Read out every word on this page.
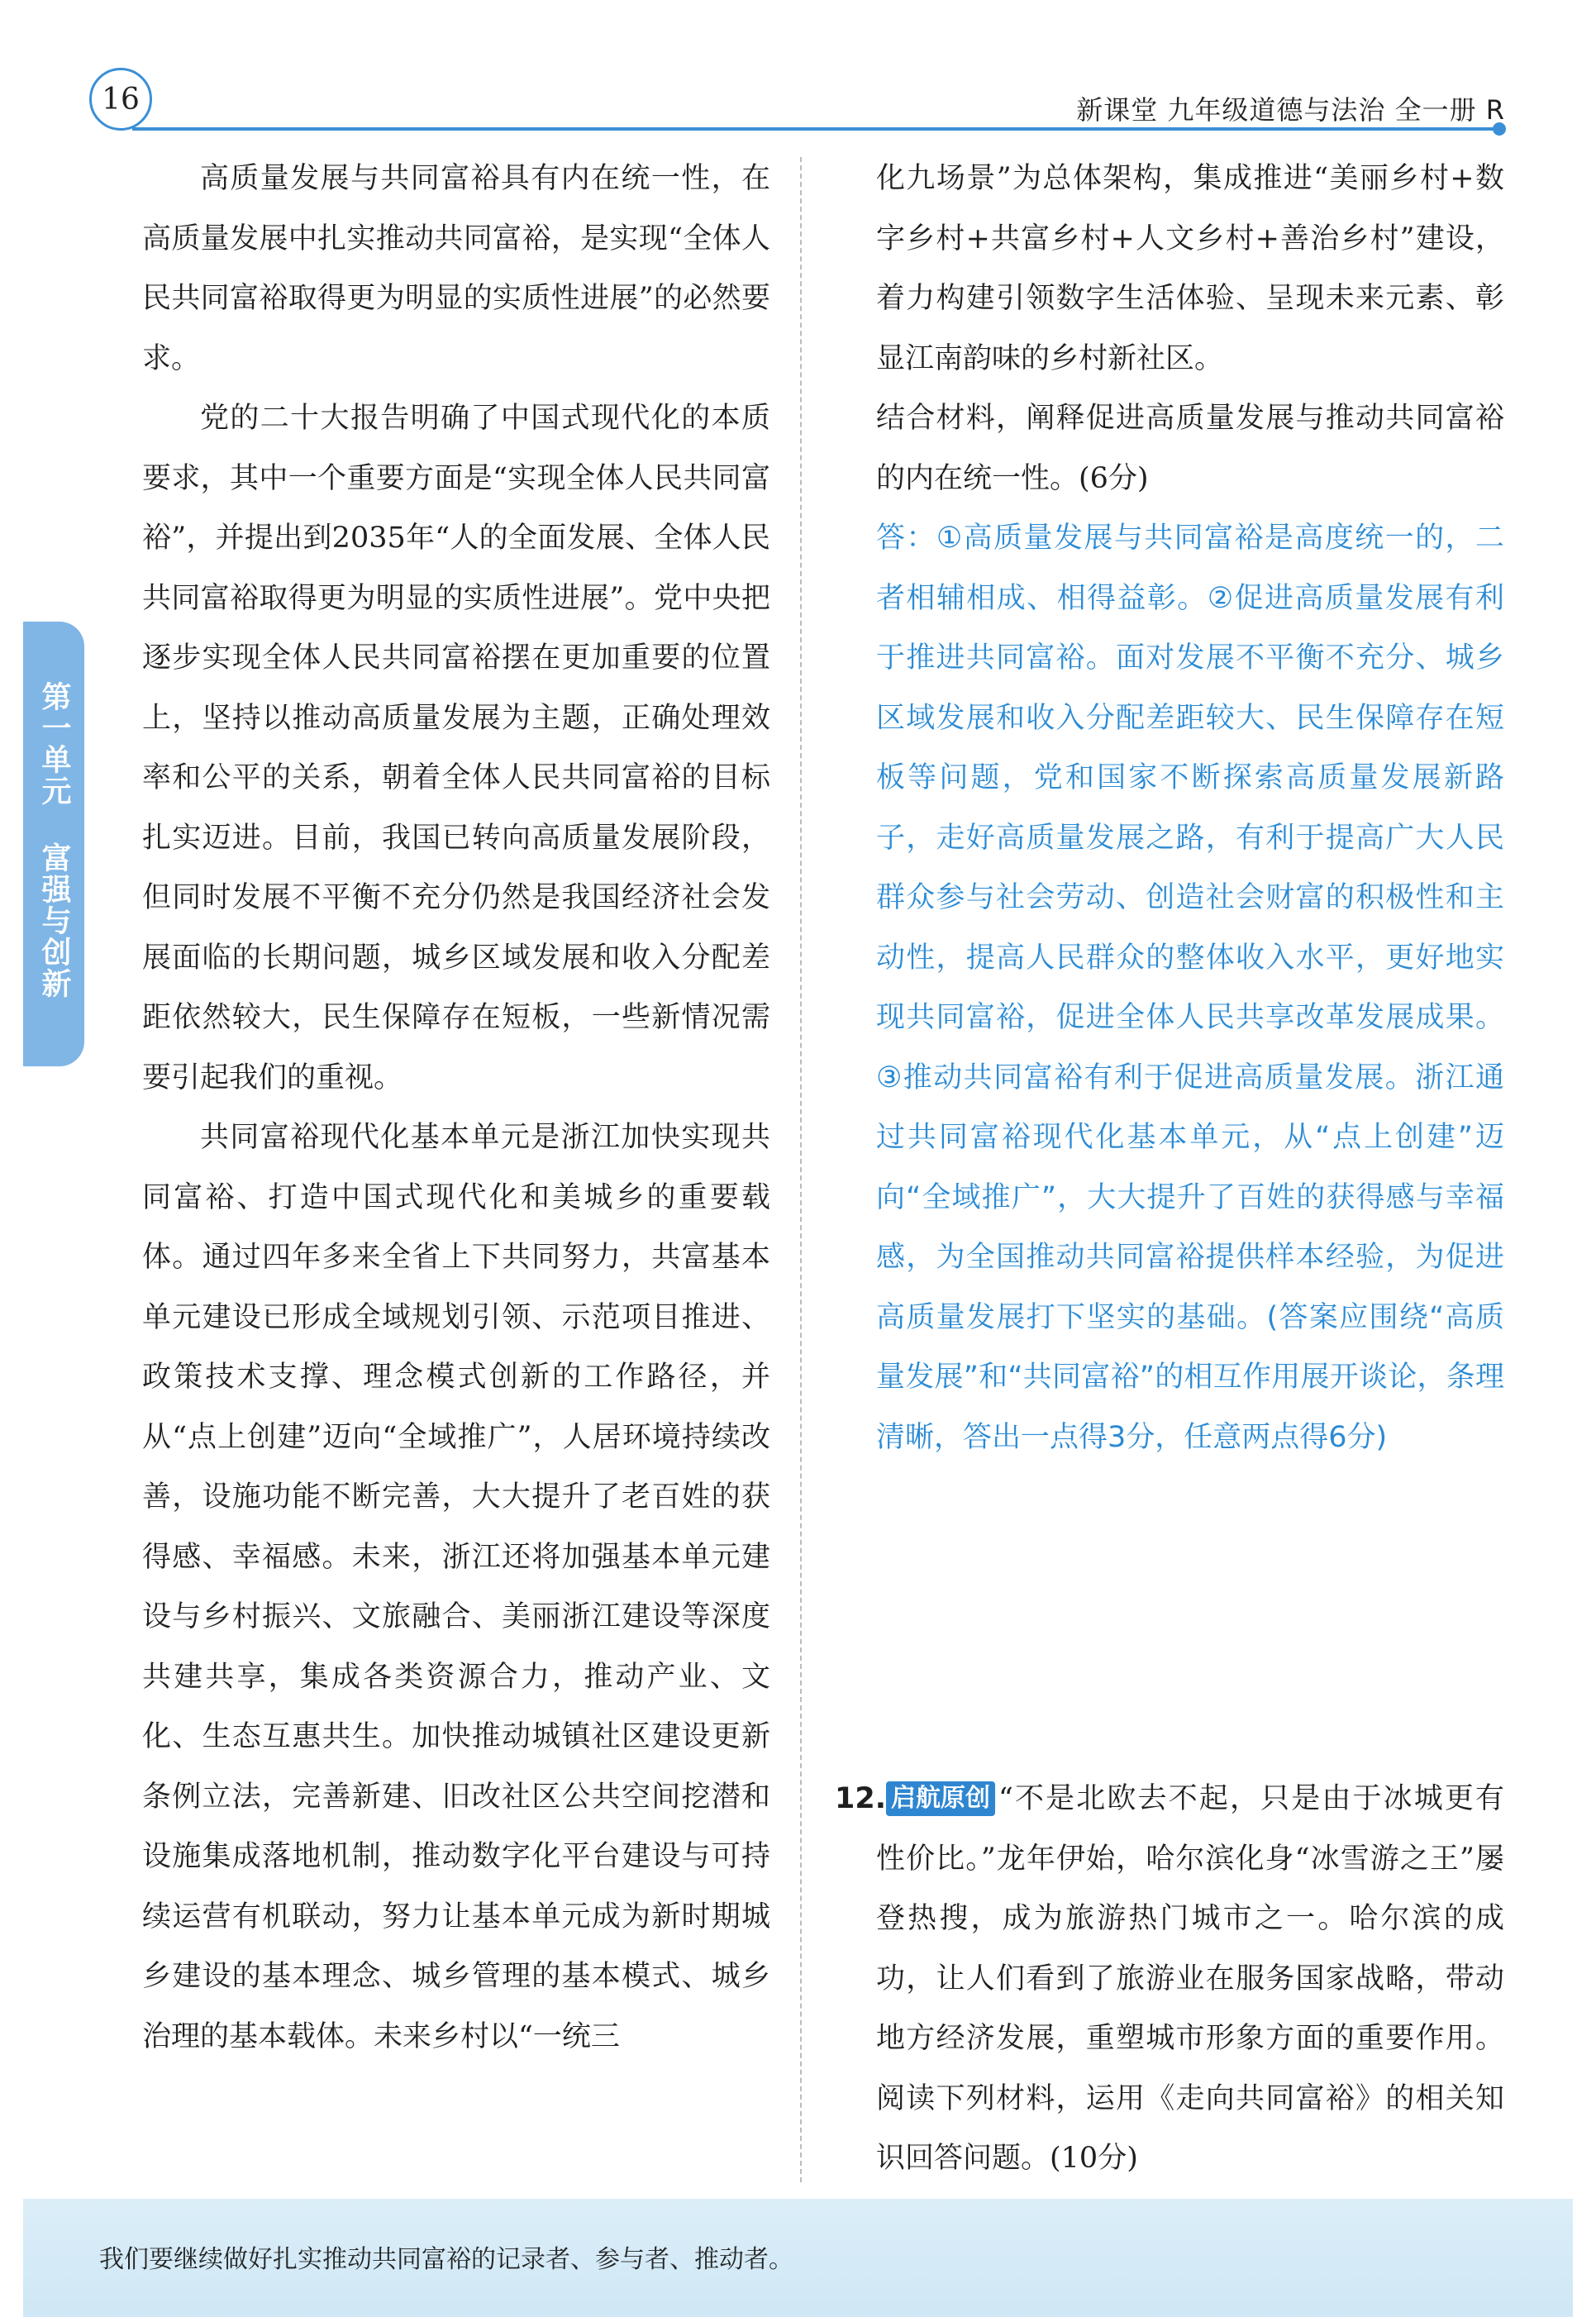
16	新课堂 九年级道德与法治 全一册 R
第一单元 富强与创新

高质量发展与共同富裕具有内在统一性，在高质量发展中扎实推动共同富裕，是实现“全体人民共同富裕取得更为明显的实质性进展”的必然要求。

党的二十大报告明确了中国式现代化的本质要求，其中一个重要方面是“实现全体人民共同富裕”，并提出到2035年“人的全面发展、全体人民共同富裕取得更为明显的实质性进展”。党中央把逐步实现全体人民共同富裕摆在更加重要的位置上，坚持以推动高质量发展为主题，正确处理效率和公平的关系，朝着全体人民共同富裕的目标扎实迈进。目前，我国已转向高质量发展阶段，但同时发展不平衡不充分仍然是我国经济社会发展面临的长期问题，城乡区域发展和收入分配差距依然较大，民生保障存在短板，一些新情况需要引起我们的重视。

共同富裕现代化基本单元是浙江加快实现共同富裕、打造中国式现代化和美城乡的重要载体。通过四年多来全省上下共同努力，共富基本单元建设已形成全域规划引领、示范项目推进、政策技术支撑、理念模式创新的工作路径，并从“点上创建”迈向“全域推广”，人居环境持续改善，设施功能不断完善，大大提升了老百姓的获得感、幸福感。未来，浙江还将加强基本单元建设与乡村振兴、文旅融合、美丽浙江建设等深度共建共享，集成各类资源合力，推动产业、文化、生态互惠共生。加快推动城镇社区建设更新条例立法，完善新建、旧改社区公共空间挖潜和设施集成落地机制，推动数字化平台建设与可持续运营有机联动，努力让基本单元成为新时期城乡建设的基本理念、城乡管理的基本模式、城乡治理的基本载体。未来乡村以“一统三

化九场景”为总体架构，集成推进“美丽乡村+数字乡村+共富乡村+人文乡村+善治乡村”建设，着力构建引领数字生活体验、呈现未来元素、彰显江南韵味的乡村新社区。

结合材料，阐释促进高质量发展与推动共同富裕的内在统一性。(6分)

答：①高质量发展与共同富裕是高度统一的，二者相辅相成、相得益彰。②促进高质量发展有利于推进共同富裕。面对发展不平衡不充分、城乡区域发展和收入分配差距较大、民生保障存在短板等问题，党和国家不断探索高质量发展新路子，走好高质量发展之路，有利于提高广大人民群众参与社会劳动、创造社会财富的积极性和主动性，提高人民群众的整体收入水平，更好地实现共同富裕，促进全体人民共享改革发展成果。③推动共同富裕有利于促进高质量发展。浙江通过共同富裕现代化基本单元，从“点上创建”迈向“全域推广”，大大提升了百姓的获得感与幸福感，为全国推动共同富裕提供样本经验，为促进高质量发展打下坚实的基础。(答案应围绕“高质量发展”和“共同富裕”的相互作用展开谈论，条理清晰，答出一点得3分，任意两点得6分)

12. 启航原创 “不是北欧去不起，只是由于冰城更有性价比。”龙年伊始，哈尔滨化身“冰雪游之王”屡登热搜，成为旅游热门城市之一。哈尔滨的成功，让人们看到了旅游业在服务国家战略，带动地方经济发展，重塑城市形象方面的重要作用。阅读下列材料，运用《走向共同富裕》的相关知识回答问题。(10分)

我们要继续做好扎实推动共同富裕的记录者、参与者、推动者。
